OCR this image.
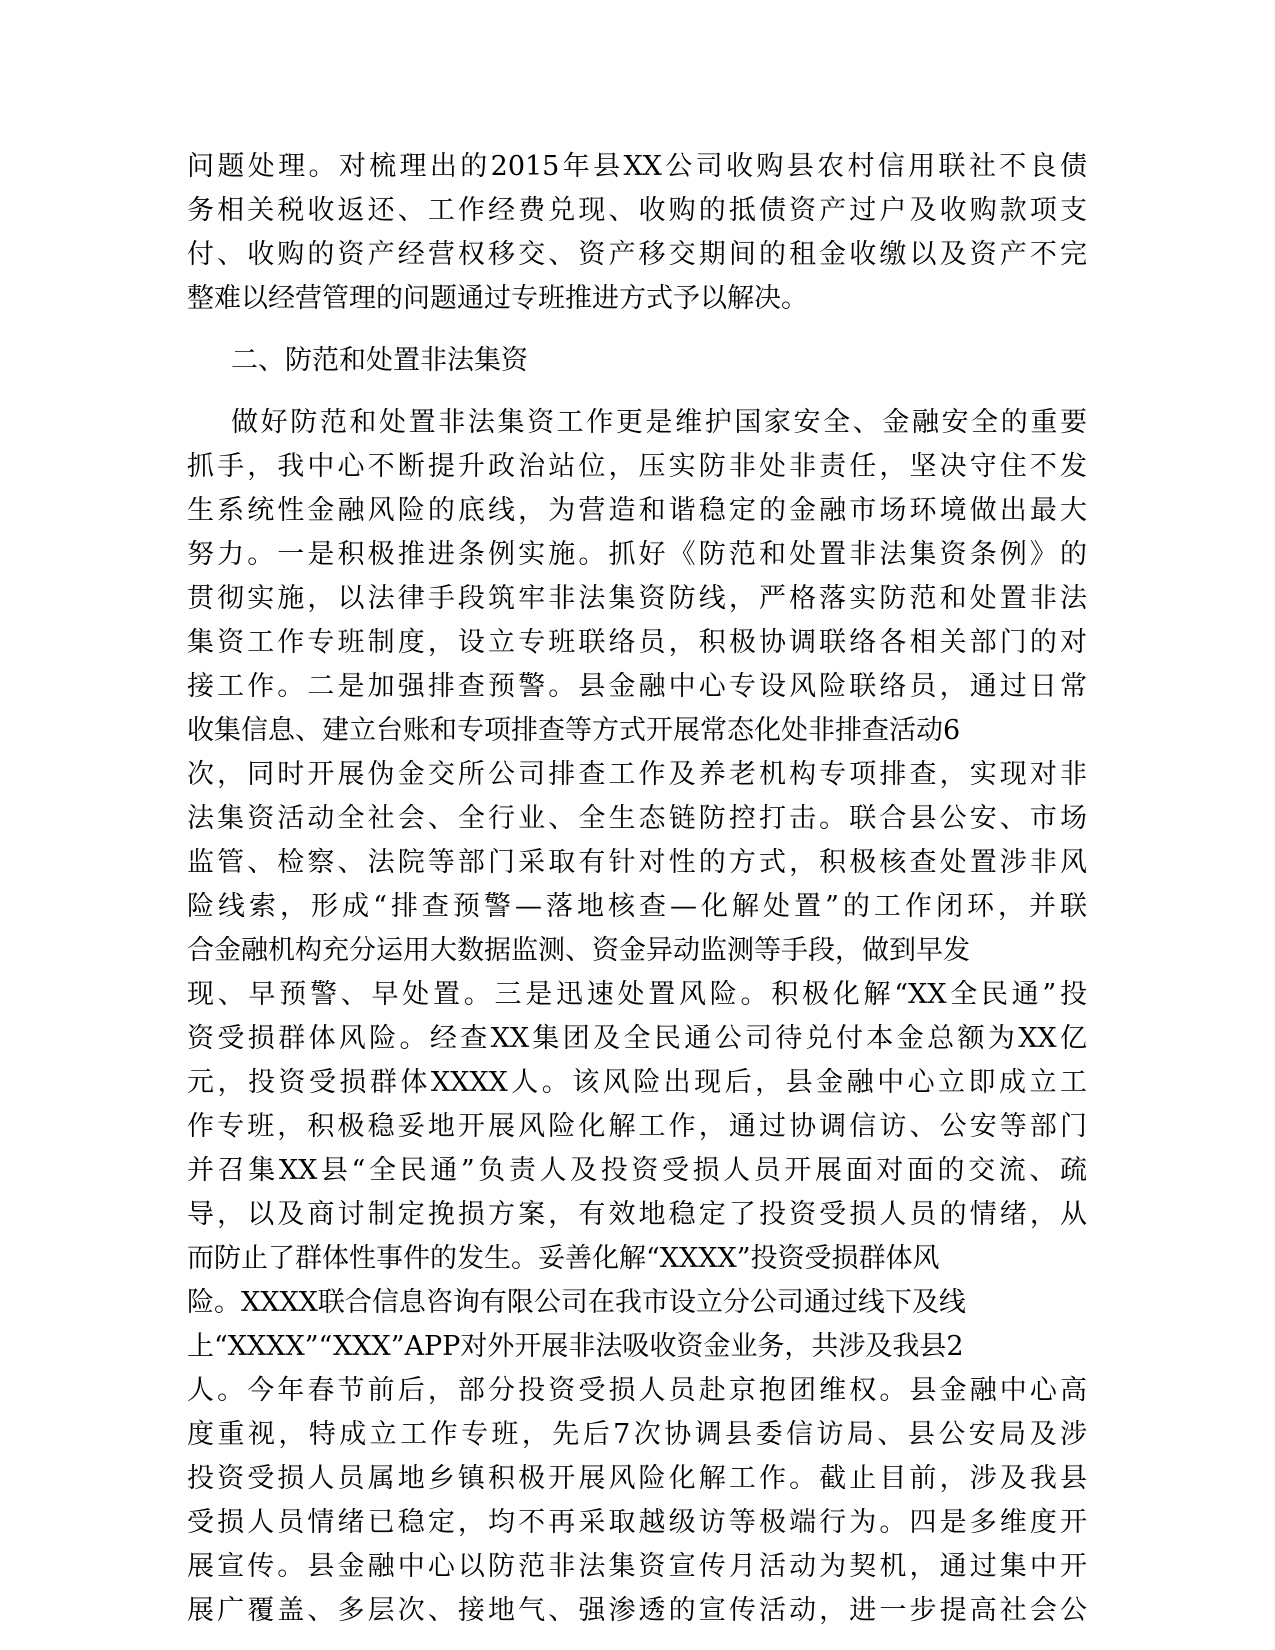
问题处理。对梳理出的2015年县XX公司收购县农村信用联社不良债
务相关税收返还、工作经费兑现、收购的抵债资产过户及收购款项支
付、收购的资产经营权移交、资产移交期间的租金收缴以及资产不完
整难以经营管理的问题通过专班推进方式予以解决。
二、防范和处置非法集资
做好防范和处置非法集资工作更是维护国家安全、金融安全的重要
抓手，我中心不断提升政治站位，压实防非处非责任，坚决守住不发
生系统性金融风险的底线，为营造和谐稳定的金融市场环境做出最大
努力。一是积极推进条例实施。抓好《防范和处置非法集资条例》的
贯彻实施，以法律手段筑牢非法集资防线，严格落实防范和处置非法
集资工作专班制度，设立专班联络员，积极协调联络各相关部门的对
接工作。二是加强排查预警。县金融中心专设风险联络员，通过日常
收集信息、建立台账和专项排查等方式开展常态化处非排查活动6
次，同时开展伪金交所公司排查工作及养老机构专项排查，实现对非
法集资活动全社会、全行业、全生态链防控打击。联合县公安、市场
监管、检察、法院等部门采取有针对性的方式，积极核查处置涉非风
险线索，形成“排查预警—落地核查—化解处置”的工作闭环，并联
合金融机构充分运用大数据监测、资金异动监测等手段，做到早发
现、早预警、早处置。三是迅速处置风险。积极化解“XX全民通”投
资受损群体风险。经查XX集团及全民通公司待兑付本金总额为XX亿
元，投资受损群体XXXX人。该风险出现后，县金融中心立即成立工
作专班，积极稳妥地开展风险化解工作，通过协调信访、公安等部门
并召集XX县“全民通”负责人及投资受损人员开展面对面的交流、疏
导，以及商讨制定挽损方案，有效地稳定了投资受损人员的情绪，从
而防止了群体性事件的发生。妥善化解“XXXX”投资受损群体风
险。XXXX联合信息咨询有限公司在我市设立分公司通过线下及线
上“XXXX”“XXX”APP对外开展非法吸收资金业务，共涉及我县2
人。今年春节前后，部分投资受损人员赴京抱团维权。县金融中心高
度重视，特成立工作专班，先后7次协调县委信访局、县公安局及涉
投资受损人员属地乡镇积极开展风险化解工作。截止目前，涉及我县
受损人员情绪已稳定，均不再采取越级访等极端行为。四是多维度开
展宣传。县金融中心以防范非法集资宣传月活动为契机，通过集中开
展广覆盖、多层次、接地气、强渗透的宣传活动，进一步提高社会公
